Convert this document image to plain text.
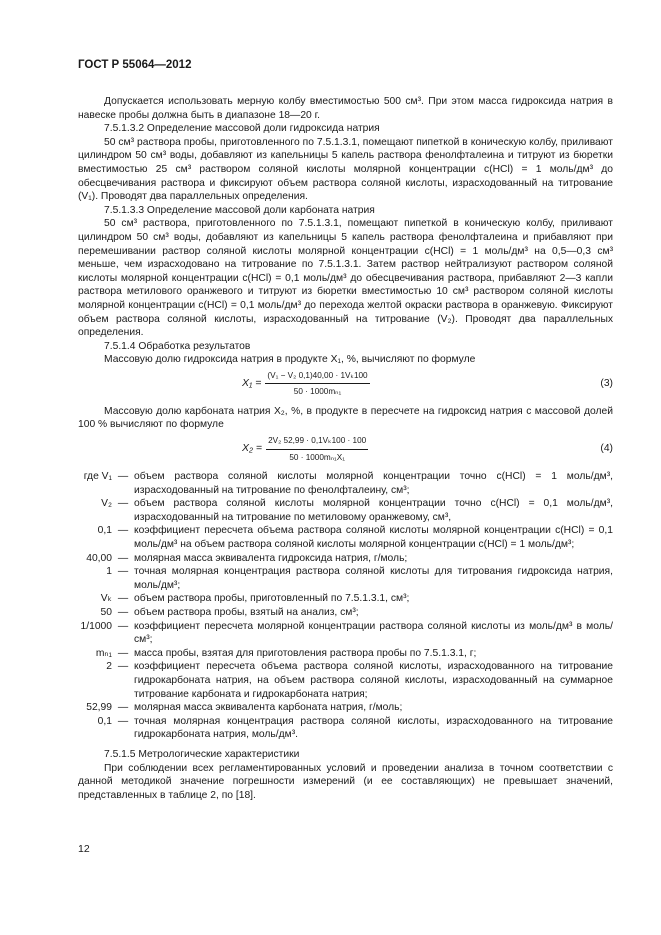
ГОСТ Р 55064—2012

Допускается использовать мерную колбу вместимостью 500 см³. При этом масса гидроксида натрия в навеске пробы должна быть в диапазоне 18—20 г.

7.5.1.3.2 Определение массовой доли гидроксида натрия

50 см³ раствора пробы, приготовленного по 7.5.1.3.1, помещают пипеткой в коническую колбу, приливают цилиндром 50 см³ воды, добавляют из капельницы 5 капель раствора фенолфталеина и титруют из бюретки вместимостью 25 см³ раствором соляной кислоты молярной концентрации c(HCl) = 1 моль/дм³ до обесцвечивания раствора и фиксируют объем раствора соляной кислоты, израсходованный на титрование (V₁). Проводят два параллельных определения.

7.5.1.3.3 Определение массовой доли карбоната натрия

50 см³ раствора, приготовленного по 7.5.1.3.1, помещают пипеткой в коническую колбу, приливают цилиндром 50 см³ воды, добавляют из капельницы 5 капель раствора фенолфталеина и прибавляют при перемешивании раствор соляной кислоты молярной концентрации c(HCl) = 1 моль/дм³ на 0,5—0,3 см³ меньше, чем израсходовано на титрование по 7.5.1.3.1. Затем раствор нейтрализуют раствором соляной кислоты молярной концентрации c(HCl) = 0,1 моль/дм³ до обесцвечивания раствора, прибавляют 2—3 капли раствора метилового оранжевого и титруют из бюретки вместимостью 10 см³ раствором соляной кислоты молярной концентрации c(HCl) = 0,1 моль/дм³ до перехода желтой окраски раствора в оранжевую. Фиксируют объем раствора соляной кислоты, израсходованный на титрование (V₂). Проводят два параллельных определения.

7.5.1.4 Обработка результатов

Массовую долю гидроксида натрия в продукте X₁, %, вычисляют по формуле

$X_1 = \frac{\text{(V₁ − V₂ 0,1)40,00 · 1Vₖ100}}{\text{50 · 1000mₙ₁}}$	(3)

Массовую долю карбоната натрия X₂, %, в продукте в пересчете на гидроксид натрия с массовой долей 100 % вычисляют по формуле

$X_2 = \frac{\text{2V₂ 52,99 · 0,1Vₖ100 · 100}}{\text{50 · 1000mₙ₁X₁}}$	(4)
где V₁ — объем раствора соляной кислоты молярной концентрации точно c(HCl) = 1 моль/дм³, израсходованный на титрование по фенолфталеину, см³;
V₂ — объем раствора соляной кислоты молярной концентрации точно c(HCl) = 0,1 моль/дм³, израсходованный на титрование по метиловому оранжевому, см³,
0,1 — коэффициент пересчета объема раствора соляной кислоты молярной концентрации c(HCl) = 0,1 моль/дм³ на объем раствора соляной кислоты молярной концентрации c(HCl) = 1 моль/дм³;
40,00 — молярная масса эквивалента гидроксида натрия, г/моль;
1 — точная молярная концентрация раствора соляной кислоты для титрования гидроксида натрия, моль/дм³;
Vₖ — объем раствора пробы, приготовленный по 7.5.1.3.1, см³;
50 — объем раствора пробы, взятый на анализ, см³;
1/1000 — коэффициент пересчета молярной концентрации раствора соляной кислоты из моль/дм³ в моль/см³;
mₙ₁ — масса пробы, взятая для приготовления раствора пробы по 7.5.1.3.1, г;
2 — коэффициент пересчета объема раствора соляной кислоты, израсходованного на титрование гидрокарбоната натрия, на объем раствора соляной кислоты, израсходованный на суммарное титрование карбоната и гидрокарбоната натрия;
52,99 — молярная масса эквивалента карбоната натрия, г/моль;
0,1 — точная молярная концентрация раствора соляной кислоты, израсходованного на титрование гидрокарбоната натрия, моль/дм³.

7.5.1.5 Метрологические характеристики

При соблюдении всех регламентированных условий и проведении анализа в точном соответствии с данной методикой значение погрешности измерений (и ее составляющих) не превышает значений, представленных в таблице 2, по [18].

12
